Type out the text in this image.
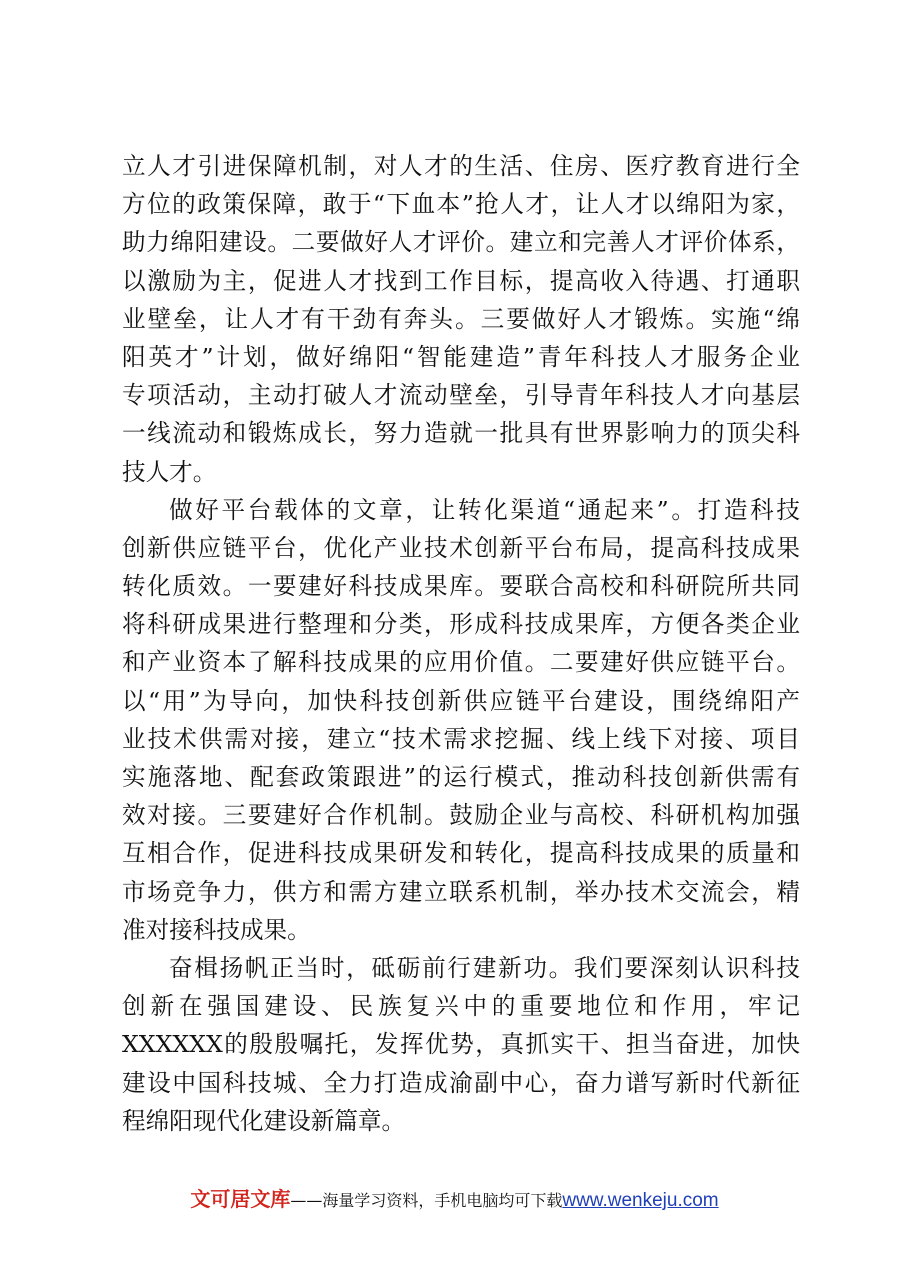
立人才引进保障机制，对人才的生活、住房、医疗教育进行全
方位的政策保障，敢于“下血本”抢人才，让人才以绵阳为家，
助力绵阳建设。二要做好人才评价。建立和完善人才评价体系，
以激励为主，促进人才找到工作目标，提高收入待遇、打通职
业壁垒，让人才有干劲有奔头。三要做好人才锻炼。实施“绵
阳英才”计划，做好绵阳“智能建造”青年科技人才服务企业
专项活动，主动打破人才流动壁垒，引导青年科技人才向基层
一线流动和锻炼成长，努力造就一批具有世界影响力的顶尖科
技人才。
做好平台载体的文章，让转化渠道“通起来”。打造科技
创新供应链平台，优化产业技术创新平台布局，提高科技成果
转化质效。一要建好科技成果库。要联合高校和科研院所共同
将科研成果进行整理和分类，形成科技成果库，方便各类企业
和产业资本了解科技成果的应用价值。二要建好供应链平台。
以“用”为导向，加快科技创新供应链平台建设，围绕绵阳产
业技术供需对接，建立“技术需求挖掘、线上线下对接、项目
实施落地、配套政策跟进”的运行模式，推动科技创新供需有
效对接。三要建好合作机制。鼓励企业与高校、科研机构加强
互相合作，促进科技成果研发和转化，提高科技成果的质量和
市场竞争力，供方和需方建立联系机制，举办技术交流会，精
准对接科技成果。
奋楫扬帆正当时，砥砺前行建新功。我们要深刻认识科技
创新在强国建设、民族复兴中的重要地位和作用，牢记
XXXXXX的殷殷嘱托，发挥优势，真抓实干、担当奋进，加快
建设中国科技城、全力打造成渝副中心，奋力谱写新时代新征
程绵阳现代化建设新篇章。
文可居文库——海量学习资料，手机电脑均可下载www.wenkeju.com
